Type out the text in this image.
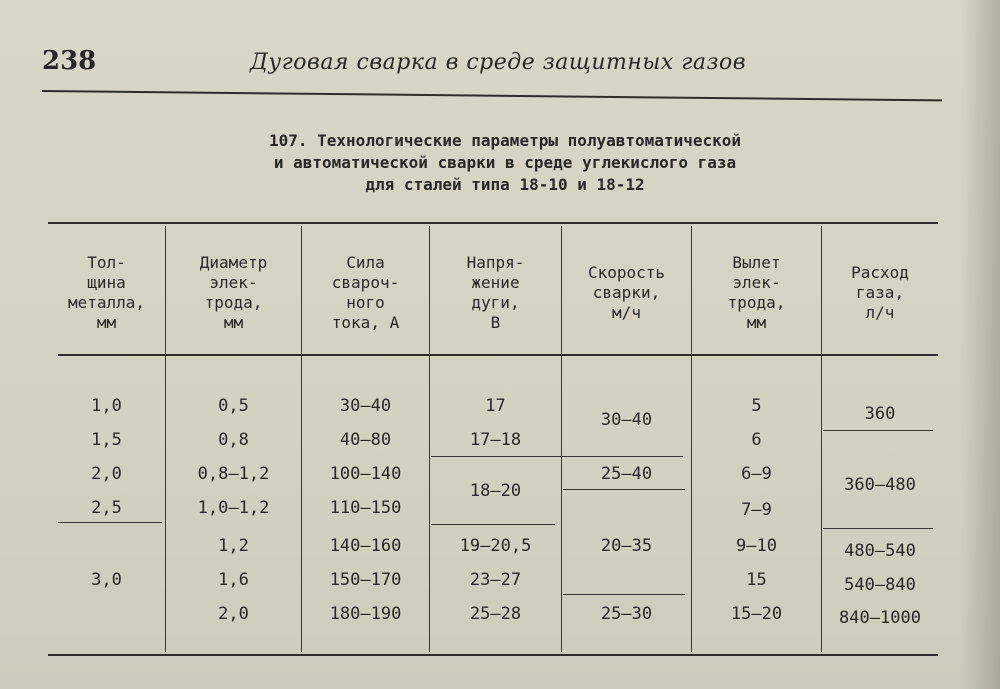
238	Дуговая сварка в среде защитных газов
107. Технологические параметры полуавтоматической
и автоматической сварки в среде углекислого газа
для сталей типа 18-10 и 18-12
Тол-
щина
металла,
мм
Диаметр
элек-
трода,
мм
Сила
свароч-
ного
тока, А
Напря-
жение
дуги,
В
Скорость
сварки,
м/ч
Вылет
элек-
трода,
мм
Расход
газа,
л/ч
1,0
1,5
2,0
2,5
3,0
0,5
0,8
0,8—1,2
1,0—1,2
1,2
1,6
2,0
30—40
40—80
100—140
110—150
140—160
150—170
180—190
17
17—18
18—20
19—20,5
23—27
25—28
30—40
25—40
20—35
25—30
5
6
6—9
7—9
9—10
15
15—20
360
360—480
480—540
540—840
840—1000
